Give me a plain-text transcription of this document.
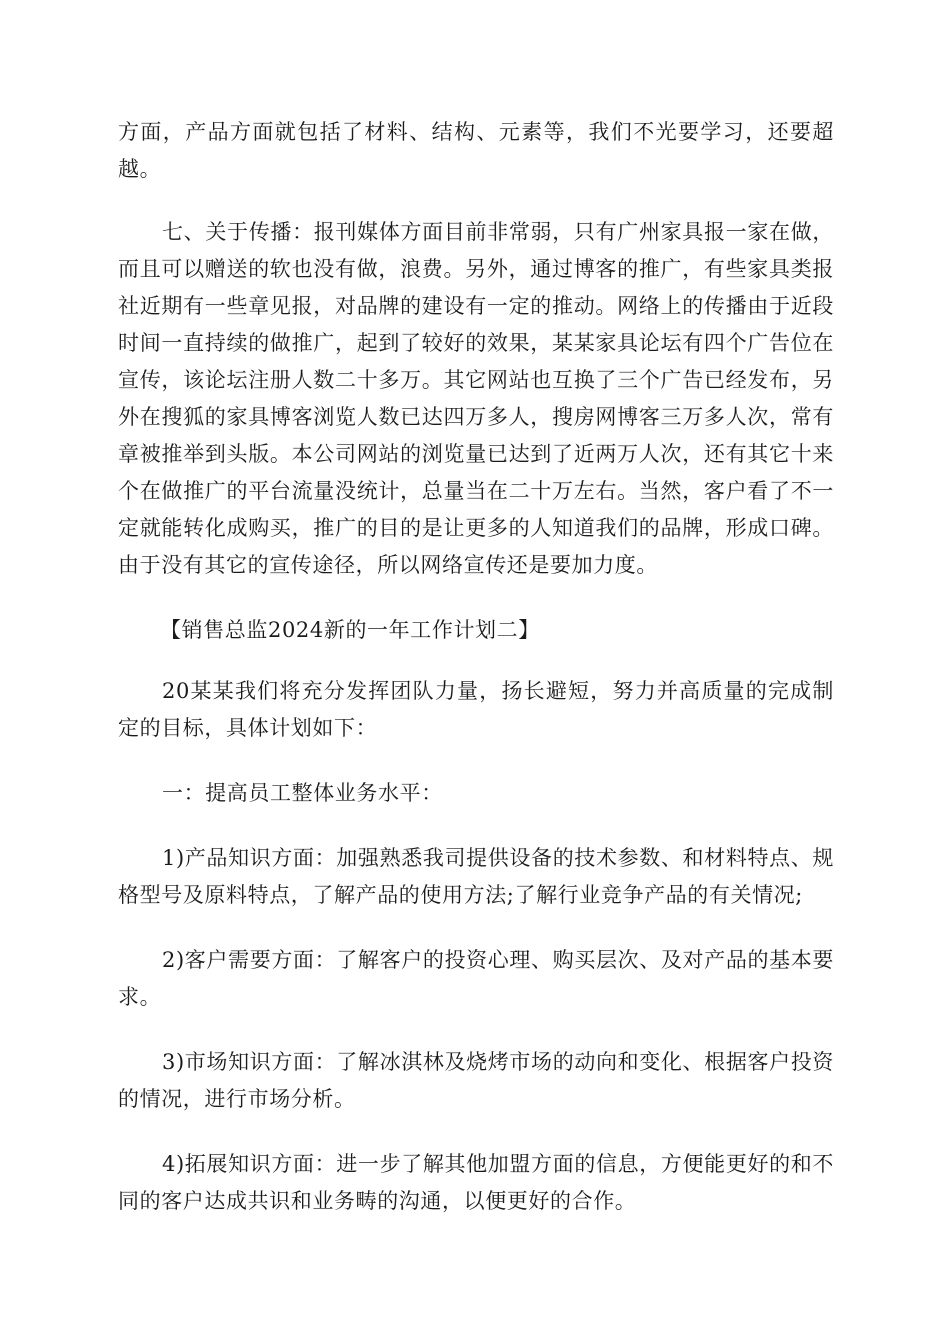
方面，产品方面就包括了材料、结构、元素等，我们不光要学习，还要超越。

七、关于传播：报刊媒体方面目前非常弱，只有广州家具报一家在做，而且可以赠送的软也没有做，浪费。另外，通过博客的推广，有些家具类报社近期有一些章见报，对品牌的建设有一定的推动。网络上的传播由于近段时间一直持续的做推广，起到了较好的效果，某某家具论坛有四个广告位在宣传，该论坛注册人数二十多万。其它网站也互换了三个广告已经发布，另外在搜狐的家具博客浏览人数已达四万多人，搜房网博客三万多人次，常有章被推举到头版。本公司网站的浏览量已达到了近两万人次，还有其它十来个在做推广的平台流量没统计，总量当在二十万左右。当然，客户看了不一定就能转化成购买，推广的目的是让更多的人知道我们的品牌，形成口碑。由于没有其它的宣传途径，所以网络宣传还是要加力度。

【销售总监2024新的一年工作计划二】

20某某我们将充分发挥团队力量，扬长避短，努力并高质量的完成制定的目标，具体计划如下：

一：提高员工整体业务水平：

1)产品知识方面：加强熟悉我司提供设备的技术参数、和材料特点、规格型号及原料特点，了解产品的使用方法;了解行业竞争产品的有关情况;

2)客户需要方面：了解客户的投资心理、购买层次、及对产品的基本要求。

3)市场知识方面：了解冰淇林及烧烤市场的动向和变化、根据客户投资的情况，进行市场分析。

4)拓展知识方面：进一步了解其他加盟方面的信息，方便能更好的和不同的客户达成共识和业务畴的沟通，以便更好的合作。
